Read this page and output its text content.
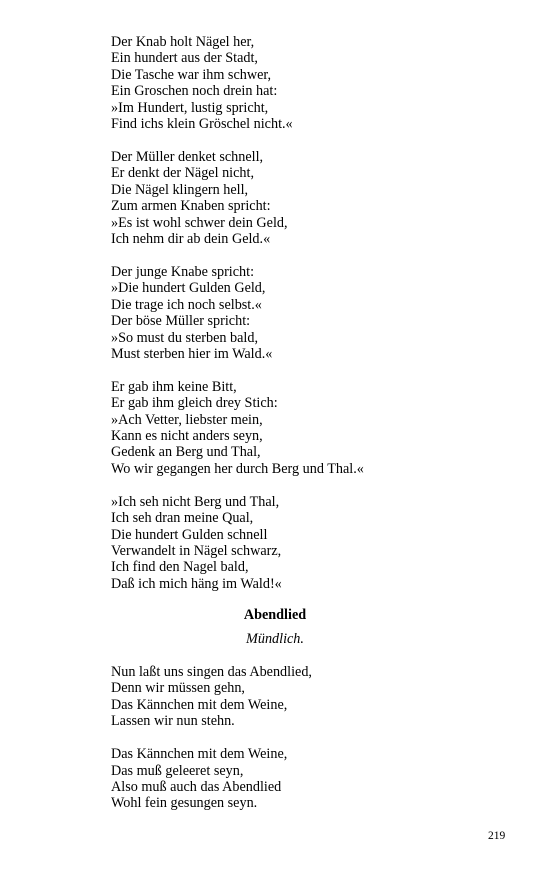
Der Knab holt Nägel her,
Ein hundert aus der Stadt,
Die Tasche war ihm schwer,
Ein Groschen noch drein hat:
»Im Hundert, lustig spricht,
Find ichs klein Gröschel nicht.«
Der Müller denket schnell,
Er denkt der Nägel nicht,
Die Nägel klingern hell,
Zum armen Knaben spricht:
»Es ist wohl schwer dein Geld,
Ich nehm dir ab dein Geld.«
Der junge Knabe spricht:
»Die hundert Gulden Geld,
Die trage ich noch selbst.«
Der böse Müller spricht:
»So must du sterben bald,
Must sterben hier im Wald.«
Er gab ihm keine Bitt,
Er gab ihm gleich drey Stich:
»Ach Vetter, liebster mein,
Kann es nicht anders seyn,
Gedenk an Berg und Thal,
Wo wir gegangen her durch Berg und Thal.«
»Ich seh nicht Berg und Thal,
Ich seh dran meine Qual,
Die hundert Gulden schnell
Verwandelt in Nägel schwarz,
Ich find den Nagel bald,
Daß ich mich häng im Wald!«
Abendlied
Mündlich.
Nun laßt uns singen das Abendlied,
Denn wir müssen gehn,
Das Kännchen mit dem Weine,
Lassen wir nun stehn.
Das Kännchen mit dem Weine,
Das muß geleeret seyn,
Also muß auch das Abendlied
Wohl fein gesungen seyn.
219
